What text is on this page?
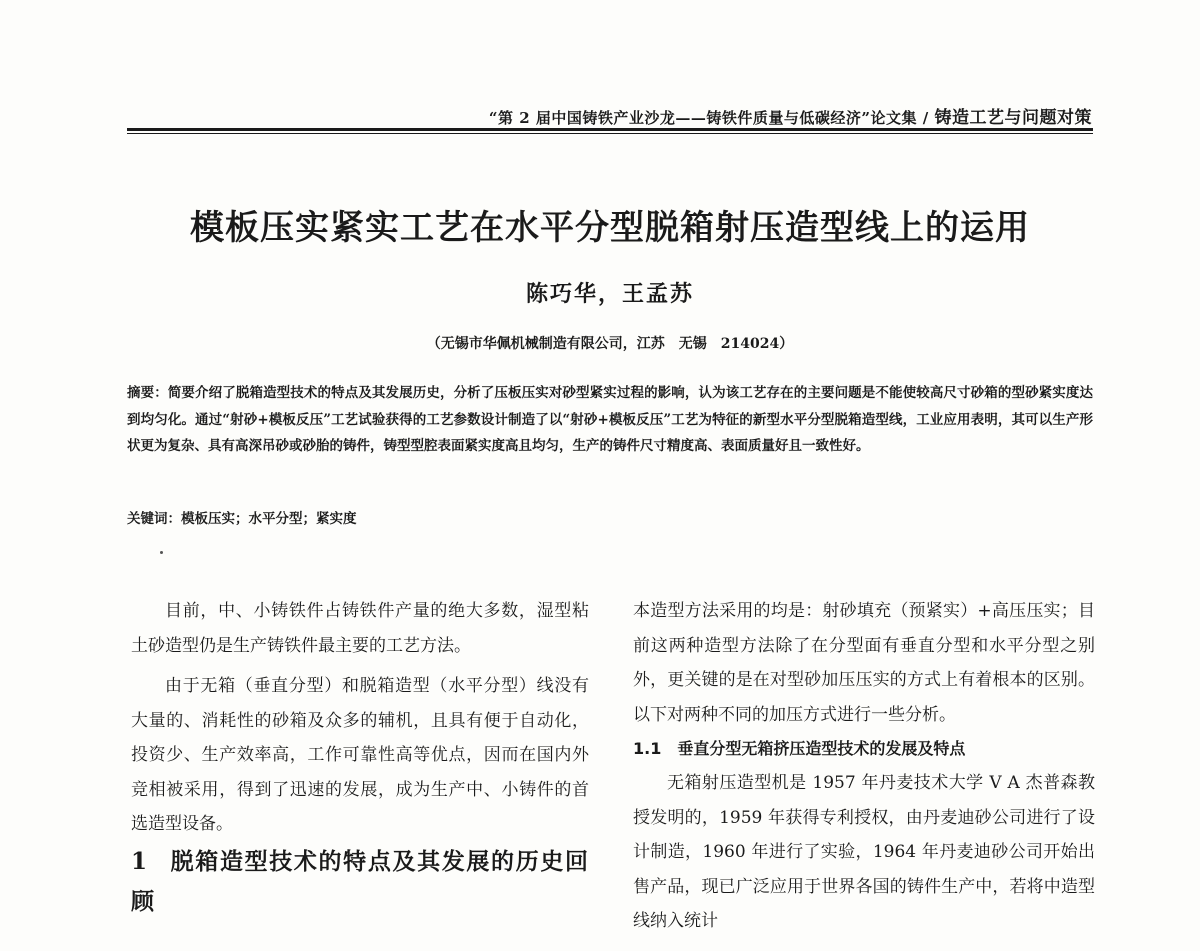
“第 2 届中国铸铁产业沙龙——铸铁件质量与低碳经济”论文集 / 铸造工艺与问题对策
模板压实紧实工艺在水平分型脱箱射压造型线上的运用
陈巧华，王孟苏
（无锡市华佩机械制造有限公司，江苏　无锡　214024）
摘要：简要介绍了脱箱造型技术的特点及其发展历史，分析了压板压实对砂型紧实过程的影响，认为该工艺存在的主要问题是不能使较高尺寸砂箱的型砂紧实度达到均匀化。通过“射砂+模板反压”工艺试验获得的工艺参数设计制造了以“射砂+模板反压”工艺为特征的新型水平分型脱箱造型线，工业应用表明，其可以生产形状更为复杂、具有高深吊砂或砂胎的铸件，铸型型腔表面紧实度高且均匀，生产的铸件尺寸精度高、表面质量好且一致性好。
关键词：模板压实；水平分型；紧实度

目前，中、小铸铁件占铸铁件产量的绝大多数，湿型粘土砂造型仍是生产铸铁件最主要的工艺方法。

由于无箱（垂直分型）和脱箱造型（水平分型）线没有大量的、消耗性的砂箱及众多的辅机，且具有便于自动化，投资少、生产效率高，工作可靠性高等优点，因而在国内外竞相被采用，得到了迅速的发展，成为生产中、小铸件的首选造型设备。

1 脱箱造型技术的特点及其发展的历史回顾

本造型方法采用的均是：射砂填充（预紧实）+高压压实；目前这两种造型方法除了在分型面有垂直分型和水平分型之别外，更关键的是在对型砂加压压实的方式上有着根本的区别。以下对两种不同的加压方式进行一些分析。

1.1 垂直分型无箱挤压造型技术的发展及特点

无箱射压造型机是 1957 年丹麦技术大学 V A 杰普森教授发明的，1959 年获得专利授权，由丹麦迪砂公司进行了设计制造，1960 年进行了实验，1964 年丹麦迪砂公司开始出售产品，现已广泛应用于世界各国的铸件生产中，若将中造型线纳入统计
